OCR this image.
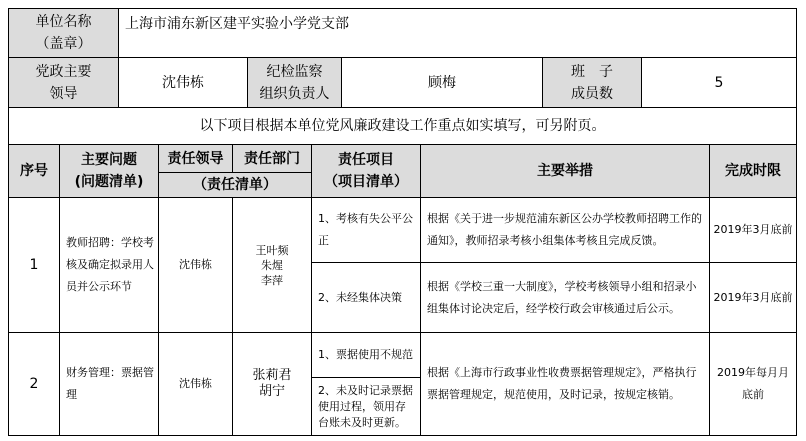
单位名称
（盖章）
上海市浦东新区建平实验小学党支部
党政主要
领导
沈伟栋
纪检监察
组织负责人
顾梅
班　子
成员数
5
以下项目根据本单位党风廉政建设工作重点如实填写，可另附页。
序号
主要问题
(问题清单)
责任领导 责任部门
（责任清单）
责任项目
（项目清单）
主要举措	完成时限
1
教师招聘：学校考核及确定拟录用人员并公示环节
沈伟栋
王叶频
朱煋
李萍
1、考核有失公平公正
根据《关于进一步规范浦东新区公办学校教师招聘工作的通知》，教师招录考核小组集体考核且完成反馈。
2019年3月底前
2、未经集体决策
根据《学校三重一大制度》，学校考核领导小组和招录小组集体讨论决定后，经学校行政会审核通过后公示。
2019年3月底前
2
财务管理：票据管理
沈伟栋
张莉君
胡宁
1、票据使用不规范
2、未及时记录票据使用过程，领用存台账未及时更新。
根据《上海市行政事业性收费票据管理规定》，严格执行票据管理规定，规范使用，及时记录，按规定核销。
2019年每月月底前
